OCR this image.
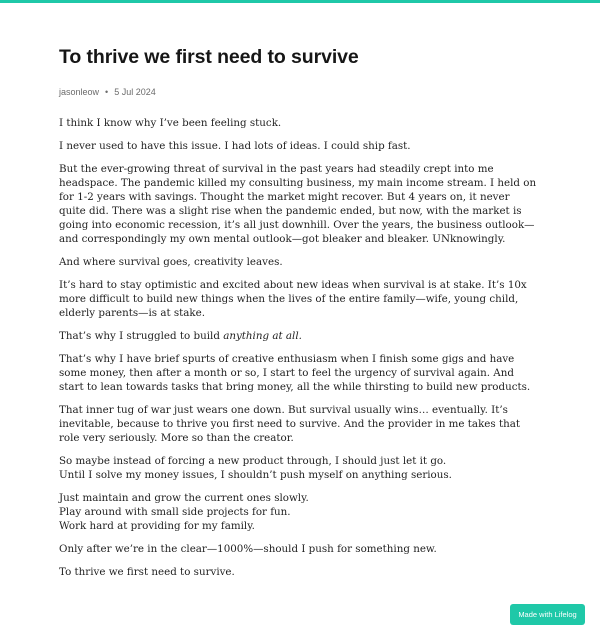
To thrive we first need to survive
jasonleow • 5 Jul 2024

I think I know why I’ve been feeling stuck.

I never used to have this issue. I had lots of ideas. I could ship fast.

But the ever-growing threat of survival in the past years had steadily crept into me headspace. The pandemic killed my consulting business, my main income stream. I held on for 1-2 years with savings. Thought the market might recover. But 4 years on, it never quite did. There was a slight rise when the pandemic ended, but now, with the market is going into economic recession, it’s all just downhill. Over the years, the business outlook—and correspondingly my own mental outlook—got bleaker and bleaker. UNknowingly.

And where survival goes, creativity leaves.

It’s hard to stay optimistic and excited about new ideas when survival is at stake. It’s 10x more difficult to build new things when the lives of the entire family—wife, young child, elderly parents—is at stake.

That’s why I struggled to build anything at all.

That’s why I have brief spurts of creative enthusiasm when I finish some gigs and have some money, then after a month or so, I start to feel the urgency of survival again. And start to lean towards tasks that bring money, all the while thirsting to build new products.

That inner tug of war just wears one down. But survival usually wins… eventually. It’s inevitable, because to thrive you first need to survive. And the provider in me takes that role very seriously. More so than the creator.

So maybe instead of forcing a new product through, I should just let it go.
Until I solve my money issues, I shouldn’t push myself on anything serious.

Just maintain and grow the current ones slowly.
Play around with small side projects for fun.
Work hard at providing for my family.

Only after we’re in the clear—1000%—should I push for something new.

To thrive we first need to survive.

Made with Lifelog
